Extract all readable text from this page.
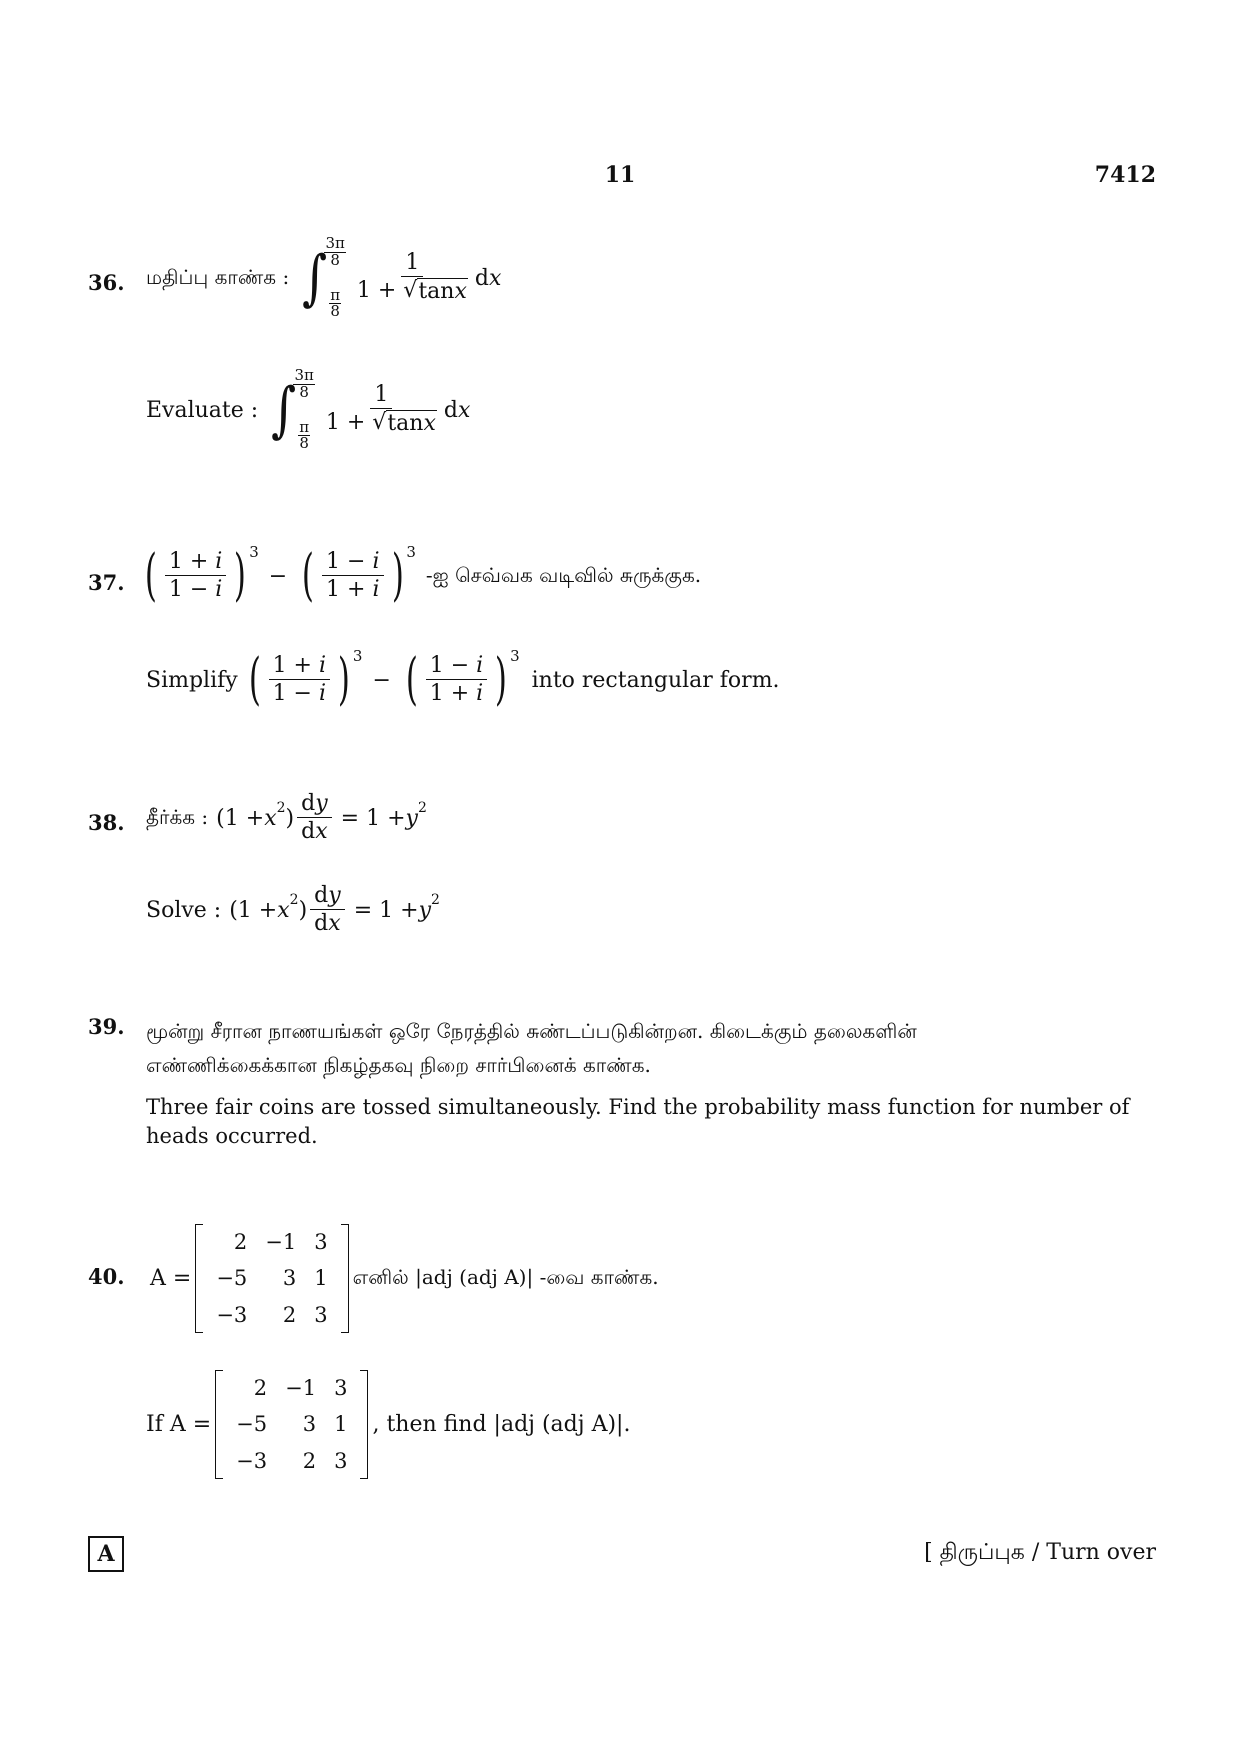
11	7412
36. மதிப்பு காண்க : ∫
3π
8
π
8
$\frac{1}{1 + √ \tan x}$ dx
Evaluate : ∫
3π
8
π
8
$\frac{1}{1 + √ \tan x}$ dx
37. ( $\frac{1 + i}{1 - i}$ ) 3
− ( $\frac{1 - i}{1 + i}$ ) 3
-ஐ செவ்வக வடிவில் சுருக்குக.
Simplify ( $\frac{1 + i}{1 - i}$ ) 3
− ( $\frac{1 - i}{1 + i}$ ) 3
into rectangular form.
38. தீர்க்க : (1 + x 2 ) $\frac{dy}{dx} = 1 + y$ 2
Solve : (1 + x 2 ) $\frac{dy}{dx} = 1 + y$ 2
39. மூன்று சீரான நாணயங்கள் ஒரே நேரத்தில் சுண்டப்படுகின்றன. கிடைக்கும் தலைகளின்
எண்ணிக்கைக்கான நிகழ்தகவு நிறை சார்பினைக் காண்க.
Three fair coins are tossed simultaneously. Find the probability mass function for number of
heads occurred.
40. A =
2	−1	3
−5	3	1
−3	2	3
எனில் |adj (adj A)| -வை காண்க.
If A =
2	−1	3
−5	3	1
−3	2	3
, then find |adj (adj A)|.
A	[ திருப்புக / Turn over
